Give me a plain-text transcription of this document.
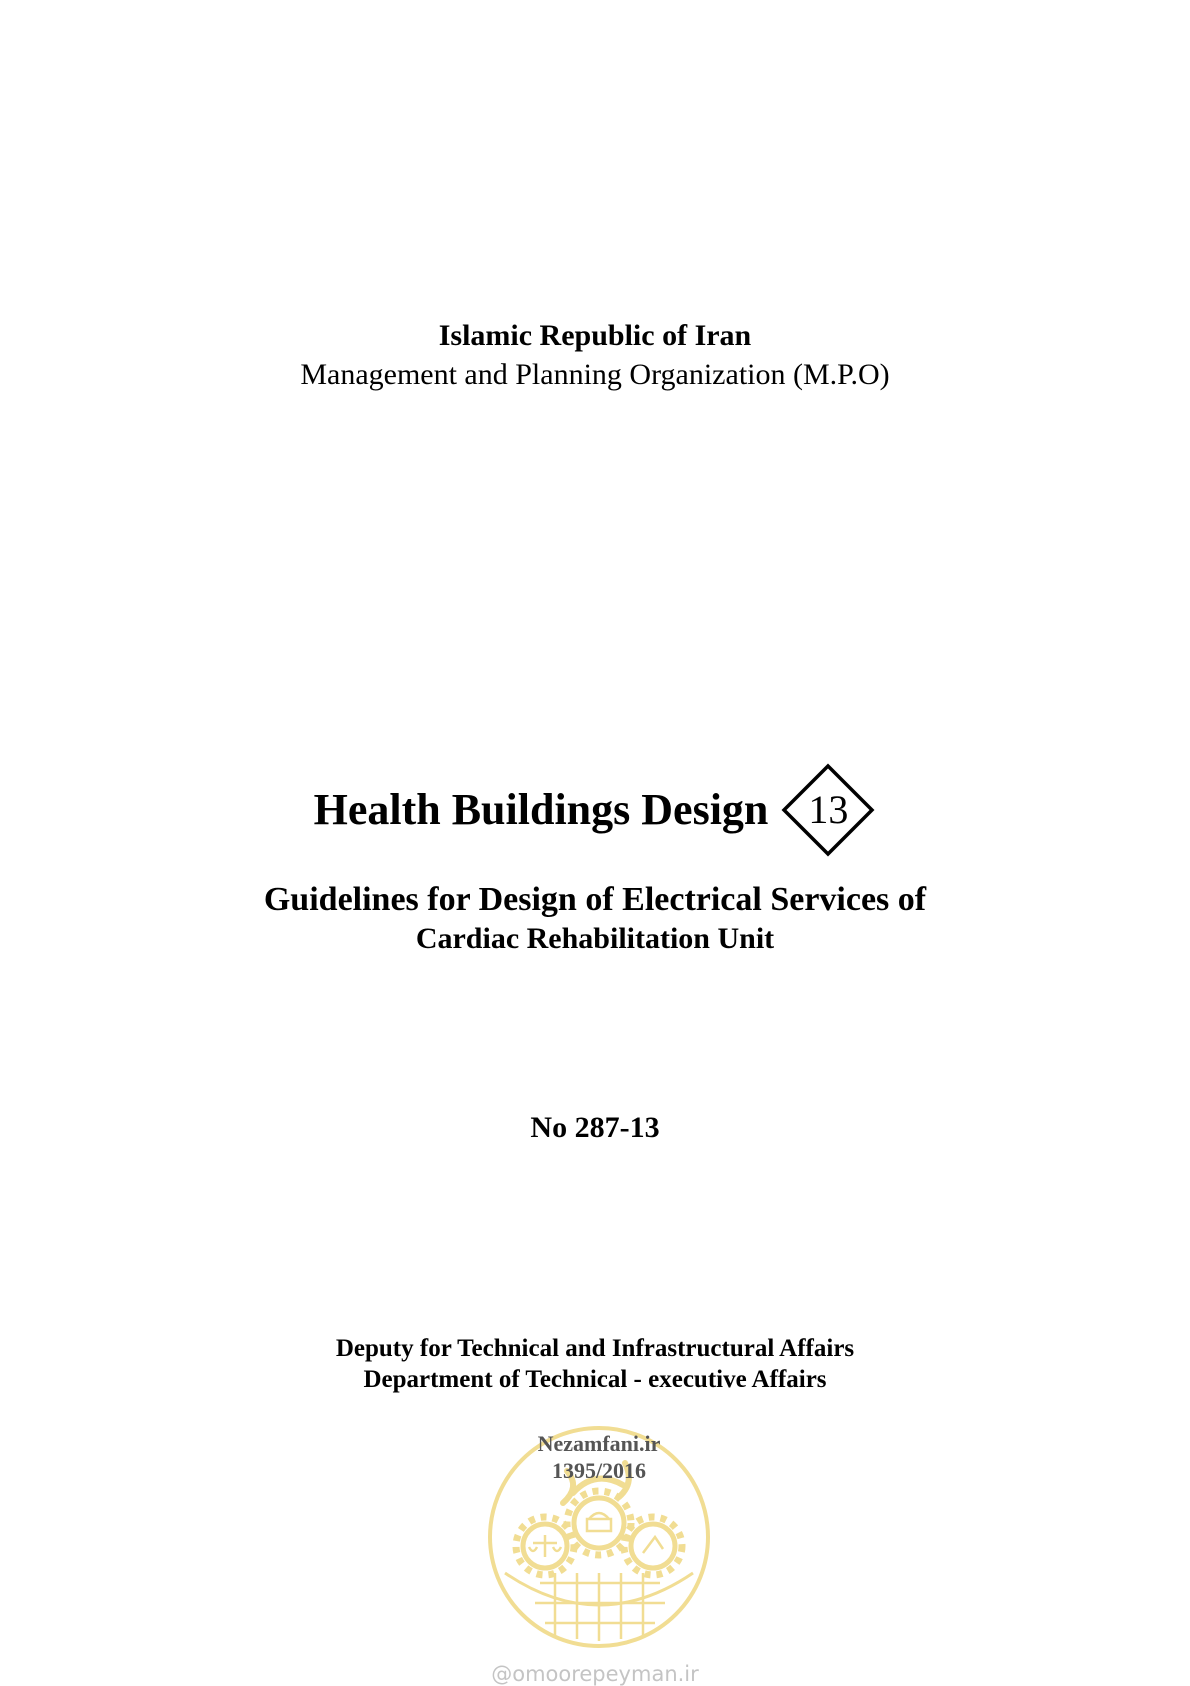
Islamic Republic of Iran
Management and Planning Organization (M.P.O)
Health Buildings Design	13
Guidelines for Design of Electrical Services of
Cardiac Rehabilitation Unit
No 287-13
Deputy for Technical and Infrastructural Affairs
Department of Technical - executive Affairs
Nezamfani.ir
1395/2016
@omoorepeyman.ir
